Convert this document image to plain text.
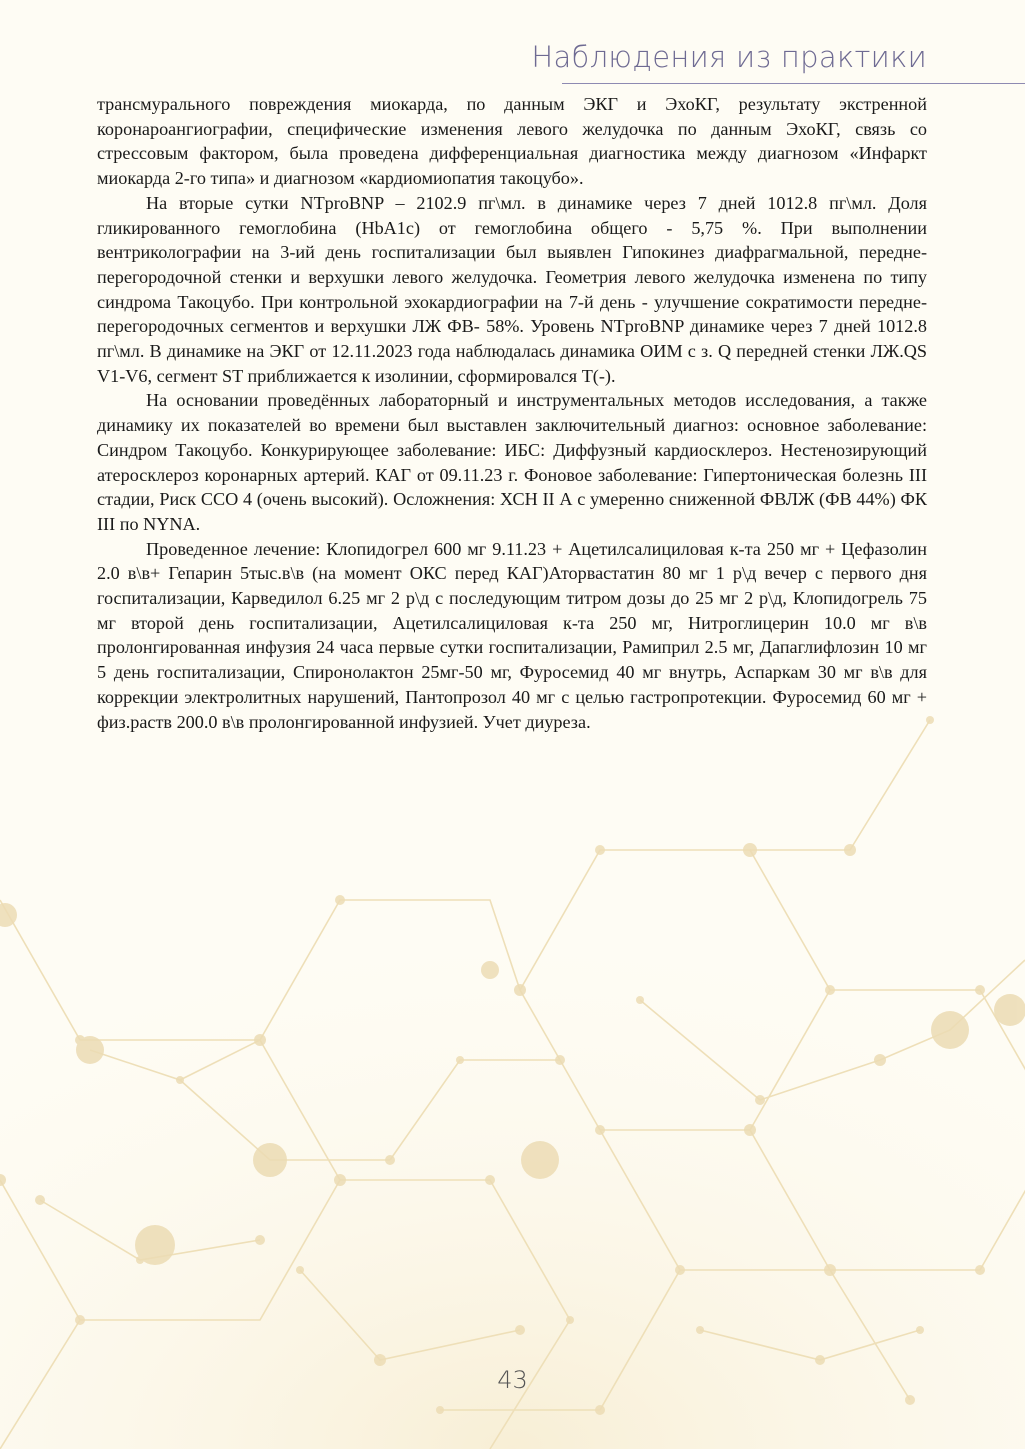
Наблюдения из практики

трансмурального повреждения миокарда, по данным ЭКГ и ЭхоКГ, результату экстренной коронароангиографии, специфические изменения левого желудочка по данным ЭхоКГ, связь со стрессовым фактором, была проведена дифференциальная диагностика между диагнозом «Инфаркт миокарда 2-го типа» и диагнозом «кардиомиопатия такоцубо».

На вторые сутки NTproBNP – 2102.9 пг\мл. в динамике через 7 дней 1012.8 пг\мл. Доля гликированного гемоглобина (HbA1c) от гемоглобина общего - 5,75 %. При выполнении вентрикологрaфии на 3-ий день госпитализации был выявлен Гипокинез диафрагмальной, передне-перегородочной стенки и верхушки левого желудочка. Геометрия левого желудочка изменена по типу синдрома Такоцубо. При контрольной эхокардиографии на 7-й день - улучшение сократимости передне-перегородочных сегментов и верхушки ЛЖ ФВ- 58%. Уровень NTproBNP динамике через 7 дней 1012.8 пг\мл. В динамике на ЭКГ от 12.11.2023 года наблюдалась динамика ОИМ с з. Q передней стенки ЛЖ.QS V1-V6, сегмент ST приближается к изолинии, сформировался T(-).

На основании проведённых лабораторный и инструментальных методов исследования, а также динамику их показателей во времени был выставлен заключительный диагноз: основное заболевание: Синдром Такоцубо. Конкурирующее заболевание: ИБС: Диффузный кардиосклероз. Нестенозирующий атеросклероз коронарных артерий. КАГ от 09.11.23 г. Фоновое заболевание: Гипертоническая болезнь III стадии, Риск ССО 4 (очень высокий). Осложнения: ХСН II А с умеренно сниженной ФВЛЖ (ФВ 44%) ФК III по NYNA.

Проведенное лечение: Клопидогрел 600 мг 9.11.23 + Ацетилсалициловая к-та 250 мг + Цефазолин 2.0 в\в+ Гепарин 5тыс.в\в (на момент ОКС перед КАГ)Аторвастатин 80 мг 1 р\д вечер с первого дня госпитализации, Карведилол 6.25 мг 2 р\д с последующим титром дозы до 25 мг 2 р\д, Клопидогрель 75 мг второй день госпитализации, Ацетилсалициловая к-та 250 мг, Нитроглицерин 10.0 мг в\в пролонгированная инфузия 24 часа первые сутки госпитализации, Рамиприл 2.5 мг, Дапаглифлозин 10 мг 5 день госпитализации, Спиронолактон 25мг-50 мг, Фуросемид 40 мг внутрь, Аспаркам 30 мг в\в для коррекции электролитных нарушений, Пантопрозол 40 мг с целью гастропротекции. Фуросемид 60 мг + физ.раств 200.0 в\в пролонгированной инфузией. Учет диуреза.

43
